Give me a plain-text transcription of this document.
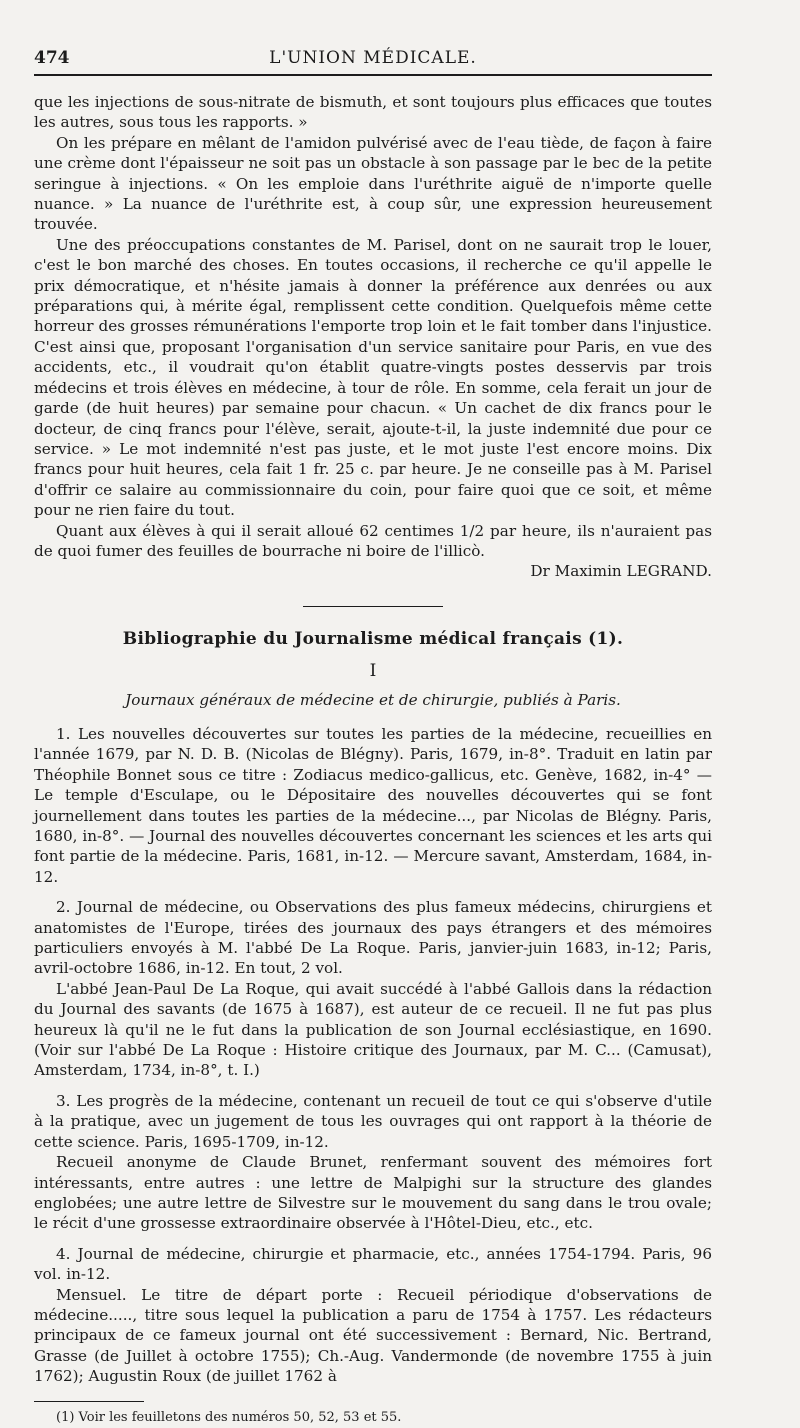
474	L'UNION MÉDICALE.

que les injections de sous-nitrate de bismuth, et sont toujours plus efficaces que toutes les autres, sous tous les rapports. »

On les prépare en mêlant de l'amidon pulvérisé avec de l'eau tiède, de façon à faire une crème dont l'épaisseur ne soit pas un obstacle à son passage par le bec de la petite seringue à injections. « On les emploie dans l'uréthrite aiguë de n'importe quelle nuance. » La nuance de l'uréthrite est, à coup sûr, une expression heureusement trouvée.

Une des préoccupations constantes de M. Parisel, dont on ne saurait trop le louer, c'est le bon marché des choses. En toutes occasions, il recherche ce qu'il appelle le prix démocratique, et n'hésite jamais à donner la préférence aux denrées ou aux préparations qui, à mérite égal, remplissent cette condition. Quelquefois même cette horreur des grosses rémunérations l'emporte trop loin et le fait tomber dans l'injustice. C'est ainsi que, proposant l'organisation d'un service sanitaire pour Paris, en vue des accidents, etc., il voudrait qu'on établit quatre-vingts postes desservis par trois médecins et trois élèves en médecine, à tour de rôle. En somme, cela ferait un jour de garde (de huit heures) par semaine pour chacun. « Un cachet de dix francs pour le docteur, de cinq francs pour l'élève, serait, ajoute-t-il, la juste indemnité due pour ce service. » Le mot indemnité n'est pas juste, et le mot juste l'est encore moins. Dix francs pour huit heures, cela fait 1 fr. 25 c. par heure. Je ne conseille pas à M. Parisel d'offrir ce salaire au commissionnaire du coin, pour faire quoi que ce soit, et même pour ne rien faire du tout.

Quant aux élèves à qui il serait alloué 62 centimes 1/2 par heure, ils n'auraient pas de quoi fumer des feuilles de bourrache ni boire de l'illicò.

Dr Maximin LEGRAND.

Bibliographie du Journalisme médical français (1).
I
Journaux généraux de médecine et de chirurgie, publiés à Paris.

1. Les nouvelles découvertes sur toutes les parties de la médecine, recueillies en l'année 1679, par N. D. B. (Nicolas de Blégny). Paris, 1679, in-8°. Traduit en latin par Théophile Bonnet sous ce titre : Zodiacus medico-gallicus, etc. Genève, 1682, in-4° — Le temple d'Esculape, ou le Dépositaire des nouvelles découvertes qui se font journellement dans toutes les parties de la médecine..., par Nicolas de Blégny. Paris, 1680, in-8°. — Journal des nouvelles découvertes concernant les sciences et les arts qui font partie de la médecine. Paris, 1681, in-12. — Mercure savant, Amsterdam, 1684, in-12.

2. Journal de médecine, ou Observations des plus fameux médecins, chirurgiens et anatomistes de l'Europe, tirées des journaux des pays étrangers et des mémoires particuliers envoyés à M. l'abbé De La Roque. Paris, janvier-juin 1683, in-12; Paris, avril-octobre 1686, in-12. En tout, 2 vol.

L'abbé Jean-Paul De La Roque, qui avait succédé à l'abbé Gallois dans la rédaction du Journal des savants (de 1675 à 1687), est auteur de ce recueil. Il ne fut pas plus heureux là qu'il ne le fut dans la publication de son Journal ecclésiastique, en 1690. (Voir sur l'abbé De La Roque : Histoire critique des Journaux, par M. C... (Camusat), Amsterdam, 1734, in-8°, t. I.)

3. Les progrès de la médecine, contenant un recueil de tout ce qui s'observe d'utile à la pratique, avec un jugement de tous les ouvrages qui ont rapport à la théorie de cette science. Paris, 1695-1709, in-12.

Recueil anonyme de Claude Brunet, renfermant souvent des mémoires fort intéressants, entre autres : une lettre de Malpighi sur la structure des glandes englobées; une autre lettre de Silvestre sur le mouvement du sang dans le trou ovale; le récit d'une grossesse extraordinaire observée à l'Hôtel-Dieu, etc., etc.

4. Journal de médecine, chirurgie et pharmacie, etc., années 1754-1794. Paris, 96 vol. in-12.

Mensuel. Le titre de départ porte : Recueil périodique d'observations de médecine....., titre sous lequel la publication a paru de 1754 à 1757. Les rédacteurs principaux de ce fameux journal ont été successivement : Bernard, Nic. Bertrand, Grasse (de Juillet à octobre 1755); Ch.-Aug. Vandermonde (de novembre 1755 à juin 1762); Augustin Roux (de juillet 1762 à

(1) Voir les feuilletons des numéros 50, 52, 53 et 55.
